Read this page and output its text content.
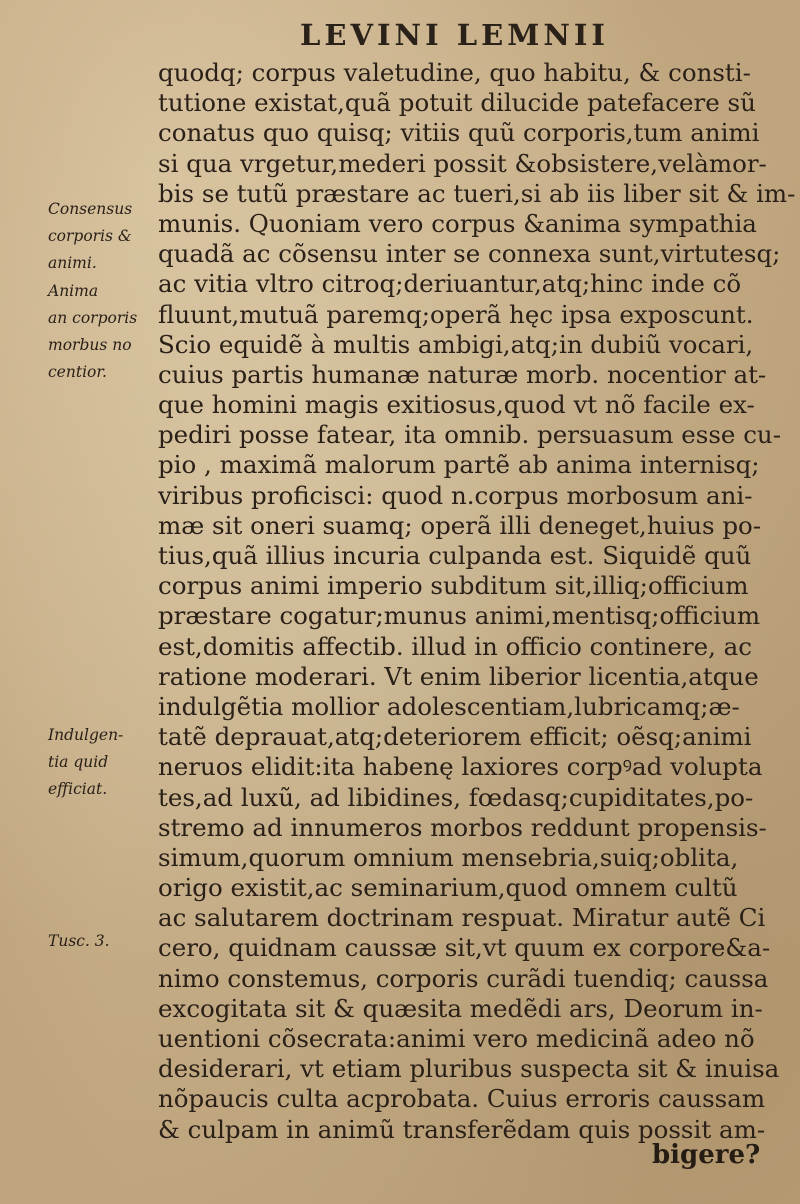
LEVINI LEMNII
quodq; corpus valetudine, quo habitu, & consti-
tutione existat,quã potuit dilucide patefacere sũ
conatus quo quisq; vitiis quũ corporis,tum animi
si qua vrgetur,mederi possit &obsistere,velàmor-
bis se tutũ præstare ac tueri,si ab iis liber sit & im-
munis. Quoniam vero corpus &anima sympathia
quadã ac cõsensu inter se connexa sunt,virtutesq;
ac vitia vltro citroq;deriuantur,atq;hinc inde cõ
fluunt,mutuã paremq;operã hęc ipsa exposcunt.
Scio equidẽ à multis ambigi,atq;in dubiũ vocari,
cuius partis humanæ naturæ morb. nocentior at-
que homini magis exitiosus,quod vt nõ facile ex-
pediri posse fatear, ita omnib. persuasum esse cu-
pio , maximã malorum partẽ ab anima internisq;
viribus proficisci: quod n.corpus morbosum ani-
mæ sit oneri suamq; operã illi deneget,huius po-
tius,quã illius incuria culpanda est. Siquidẽ quũ
corpus animi imperio subditum sit,illiq;officium
præstare cogatur;munus animi,mentisq;officium
est,domitis affectib. illud in officio continere, ac
ratione moderari. Vt enim liberior licentia,atque
indulgẽtia mollior adolescentiam,lubricamq;æ-
tatẽ deprauat,atq;deteriorem efficit; oẽsq;animi
neruos elidit:ita habenę laxiores corpꝰad volupta
tes,ad luxũ, ad libidines, fœdasq;cupiditates,po-
stremo ad innumeros morbos reddunt propensis-
simum,quorum omnium mensebria,suiq;oblita,
origo existit,ac seminarium,quod omnem cultũ
ac salutarem doctrinam respuat. Miratur autẽ Ci
cero, quidnam caussæ sit,vt quum ex corpore&a-
nimo constemus, corporis curãdi tuendiq; caussa
excogitata sit & quæsita medẽdi ars, Deorum in-
uentioni cõsecrata:animi vero medicinã adeo nõ
desiderari, vt etiam pluribus suspecta sit & inuisa
nõpaucis culta acprobata. Cuius erroris caussam
& culpam in animũ transferẽdam quis possit am-
Consensus
corporis &
animi.
Anima
an corporis
morbus no
centior.
Indulgen-
tia quid
efficiat.
Tusc. 3.
bigere?
